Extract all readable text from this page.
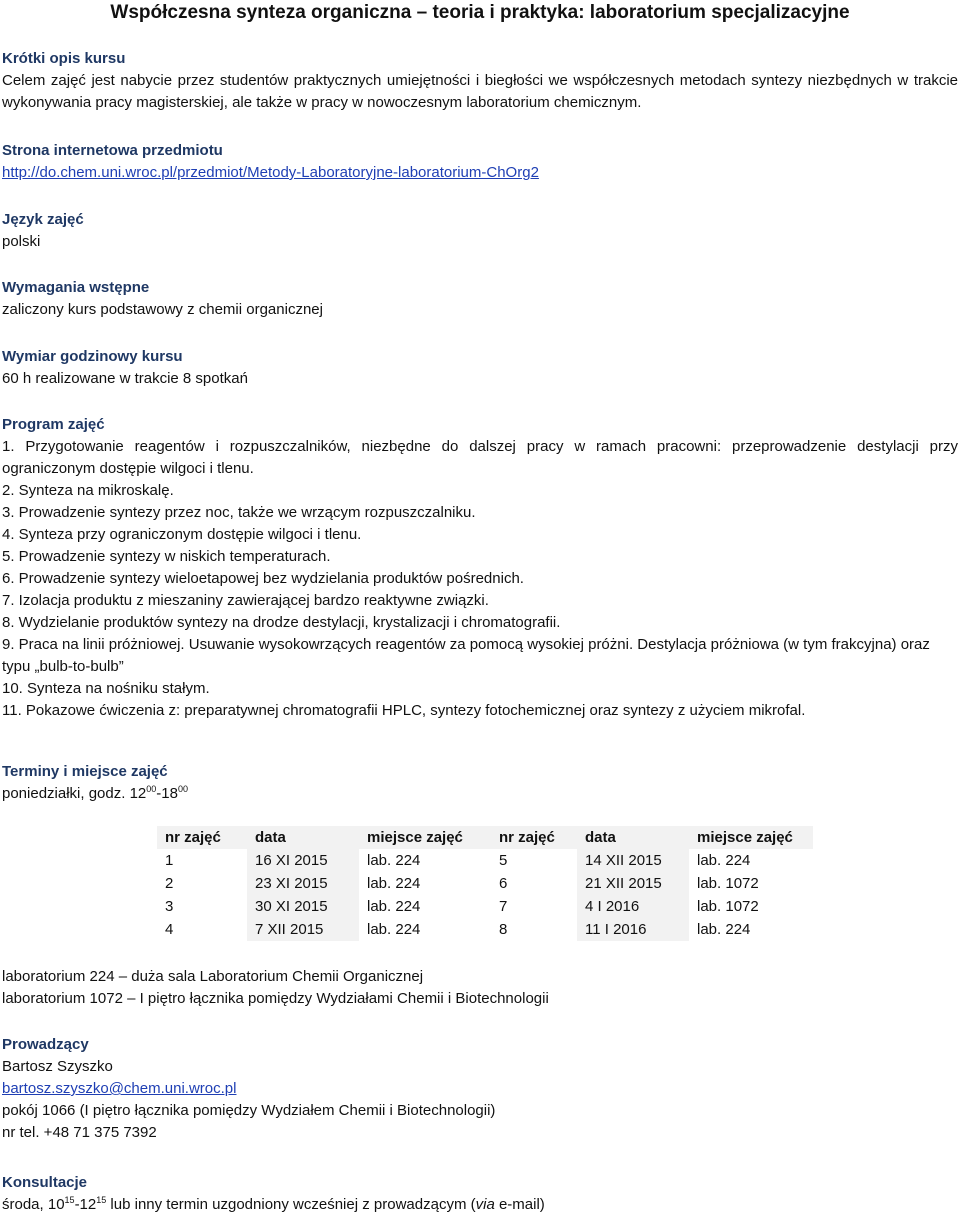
Współczesna synteza organiczna – teoria i praktyka: laboratorium specjalizacyjne
Krótki opis kursu
Celem zajęć jest nabycie przez studentów praktycznych umiejętności i biegłości we współczesnych metodach syntezy niezbędnych w trakcie wykonywania pracy magisterskiej, ale także w pracy w nowoczesnym laboratorium chemicznym.
Strona internetowa przedmiotu
http://do.chem.uni.wroc.pl/przedmiot/Metody-Laboratoryjne-laboratorium-ChOrg2
Język zajęć
polski
Wymagania wstępne
zaliczony kurs podstawowy z chemii organicznej
Wymiar godzinowy kursu
60 h realizowane w trakcie 8 spotkań
Program zajęć
1. Przygotowanie reagentów i rozpuszczalników, niezbędne do dalszej pracy w ramach pracowni: przeprowadzenie destylacji przy ograniczonym dostępie wilgoci i tlenu.
2. Synteza na mikroskalę.
3. Prowadzenie syntezy przez noc, także we wrzącym rozpuszczalniku.
4. Synteza przy ograniczonym dostępie wilgoci i tlenu.
5. Prowadzenie syntezy w niskich temperaturach.
6. Prowadzenie syntezy wieloetapowej bez wydzielania produktów pośrednich.
7. Izolacja produktu z mieszaniny zawierającej bardzo reaktywne związki.
8. Wydzielanie produktów syntezy na drodze destylacji, krystalizacji i chromatografii.
9. Praca na linii próżniowej. Usuwanie wysokowrzących reagentów za pomocą wysokiej próżni. Destylacja próżniowa (w tym frakcyjna) oraz typu „bulb-to-bulb”
10. Synteza na nośniku stałym.
11. Pokazowe ćwiczenia z: preparatywnej chromatografii HPLC, syntezy fotochemicznej oraz syntezy z użyciem mikrofal.
Terminy i miejsce zajęć
poniedziałki, godz. $12^{00}-18^{00}$
nr zajęć	data	miejsce zajęć	nr zajęć	data	miejsce zajęć
1	16 XI 2015	lab. 224	5	14 XII 2015	lab. 224
2	23 XI 2015	lab. 224	6	21 XII 2015	lab. 1072
3	30 XI 2015	lab. 224	7	4 I 2016	lab. 1072
4	7 XII 2015	lab. 224	8	11 I 2016	lab. 224
laboratorium 224 – duża sala Laboratorium Chemii Organicznej
laboratorium 1072 – I piętro łącznika pomiędzy Wydziałami Chemii i Biotechnologii
Prowadzący
Bartosz Szyszko
bartosz.szyszko@chem.uni.wroc.pl
pokój 1066 (I piętro łącznika pomiędzy Wydziałem Chemii i Biotechnologii)
nr tel. +48 71 375 7392
Konsultacje
środa, $10^{15}-12^{15}$ lub inny termin uzgodniony wcześniej z prowadzącym (via e-mail)
